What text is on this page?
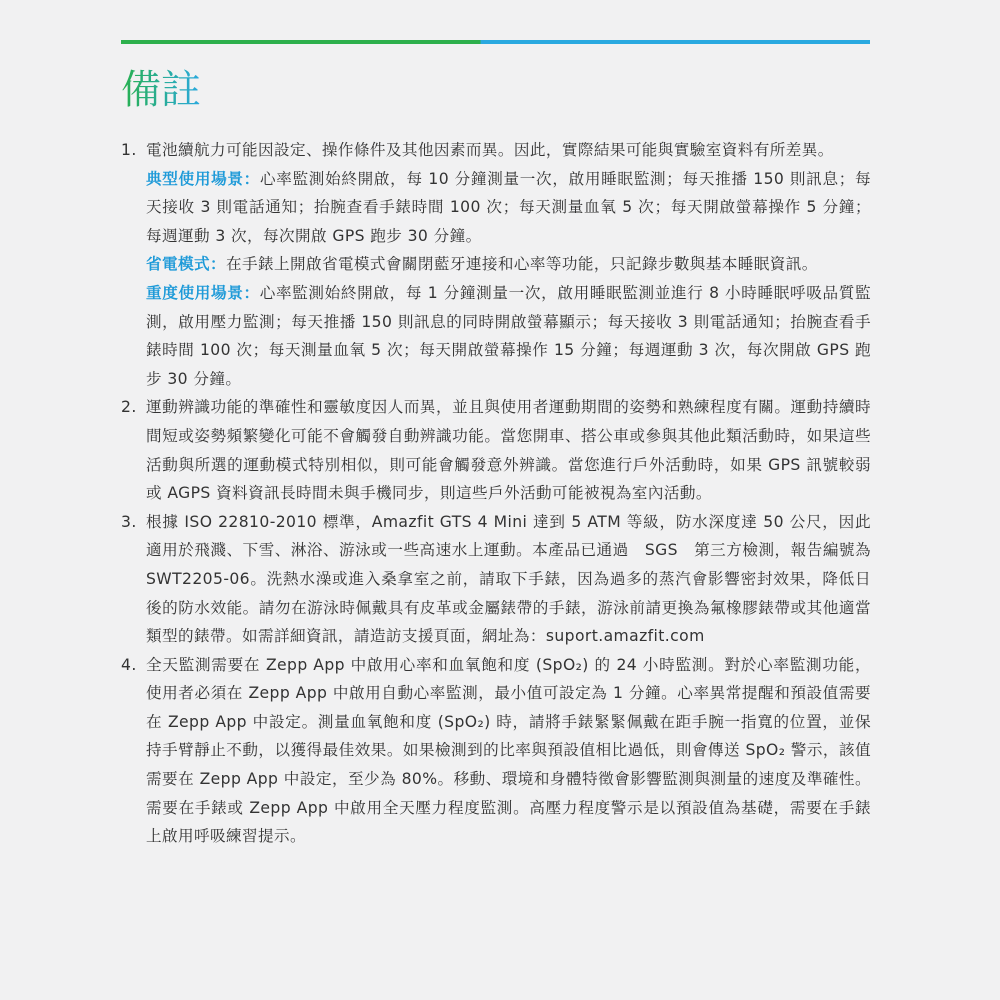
備註
1. 電池續航力可能因設定、操作條件及其他因素而異。因此，實際結果可能與實驗室資料有所差異。

典型使用場景：心率監測始終開啟，每 10 分鐘測量一次，啟用睡眠監測；每天推播 150 則訊息；每天接收 3 則電話通知；抬腕查看手錶時間 100 次；每天測量血氧 5 次；每天開啟螢幕操作 5 分鐘；每週運動 3 次，每次開啟 GPS 跑步 30 分鐘。

省電模式：在手錶上開啟省電模式會關閉藍牙連接和心率等功能，只記錄步數與基本睡眠資訊。

重度使用場景：心率監測始終開啟，每 1 分鐘測量一次，啟用睡眠監測並進行 8 小時睡眠呼吸品質監測，啟用壓力監測；每天推播 150 則訊息的同時開啟螢幕顯示；每天接收 3 則電話通知；抬腕查看手錶時間 100 次；每天測量血氧 5 次；每天開啟螢幕操作 15 分鐘；每週運動 3 次，每次開啟 GPS 跑步 30 分鐘。

2. 運動辨識功能的準確性和靈敏度因人而異，並且與使用者運動期間的姿勢和熟練程度有關。運動持續時間短或姿勢頻繁變化可能不會觸發自動辨識功能。當您開車、搭公車或參與其他此類活動時，如果這些活動與所選的運動模式特別相似，則可能會觸發意外辨識。當您進行戶外活動時，如果 GPS 訊號較弱或 AGPS 資料資訊長時間未與手機同步，則這些戶外活動可能被視為室內活動。

3. 根據 ISO 22810-2010 標準，Amazfit GTS 4 Mini 達到 5 ATM 等級，防水深度達 50 公尺，因此適用於飛濺、下雪、淋浴、游泳或一些高速水上運動。本產品已通過　SGS　第三方檢測，報告編號為　　SWT2205-06。洗熱水澡或進入桑拿室之前，請取下手錶，因為過多的蒸汽會影響密封效果，降低日後的防水效能。請勿在游泳時佩戴具有皮革或金屬錶帶的手錶，游泳前請更換為氟橡膠錶帶或其他適當類型的錶帶。如需詳細資訊，請造訪支援頁面，網址為：suport.amazfit.com

4. 全天監測需要在 Zepp App 中啟用心率和血氧飽和度 (SpO₂) 的 24 小時監測。對於心率監測功能，使用者必須在 Zepp App 中啟用自動心率監測，最小值可設定為 1 分鐘。心率異常提醒和預設值需要在 Zepp App 中設定。測量血氧飽和度 (SpO₂) 時，請將手錶緊緊佩戴在距手腕一指寬的位置，並保持手臂靜止不動，以獲得最佳效果。如果檢測到的比率與預設值相比過低，則會傳送 SpO₂ 警示，該值需要在 Zepp App 中設定，至少為 80%。移動、環境和身體特徵會影響監測與測量的速度及準確性。需要在手錶或 Zepp App 中啟用全天壓力程度監測。高壓力程度警示是以預設值為基礎，需要在手錶上啟用呼吸練習提示。
